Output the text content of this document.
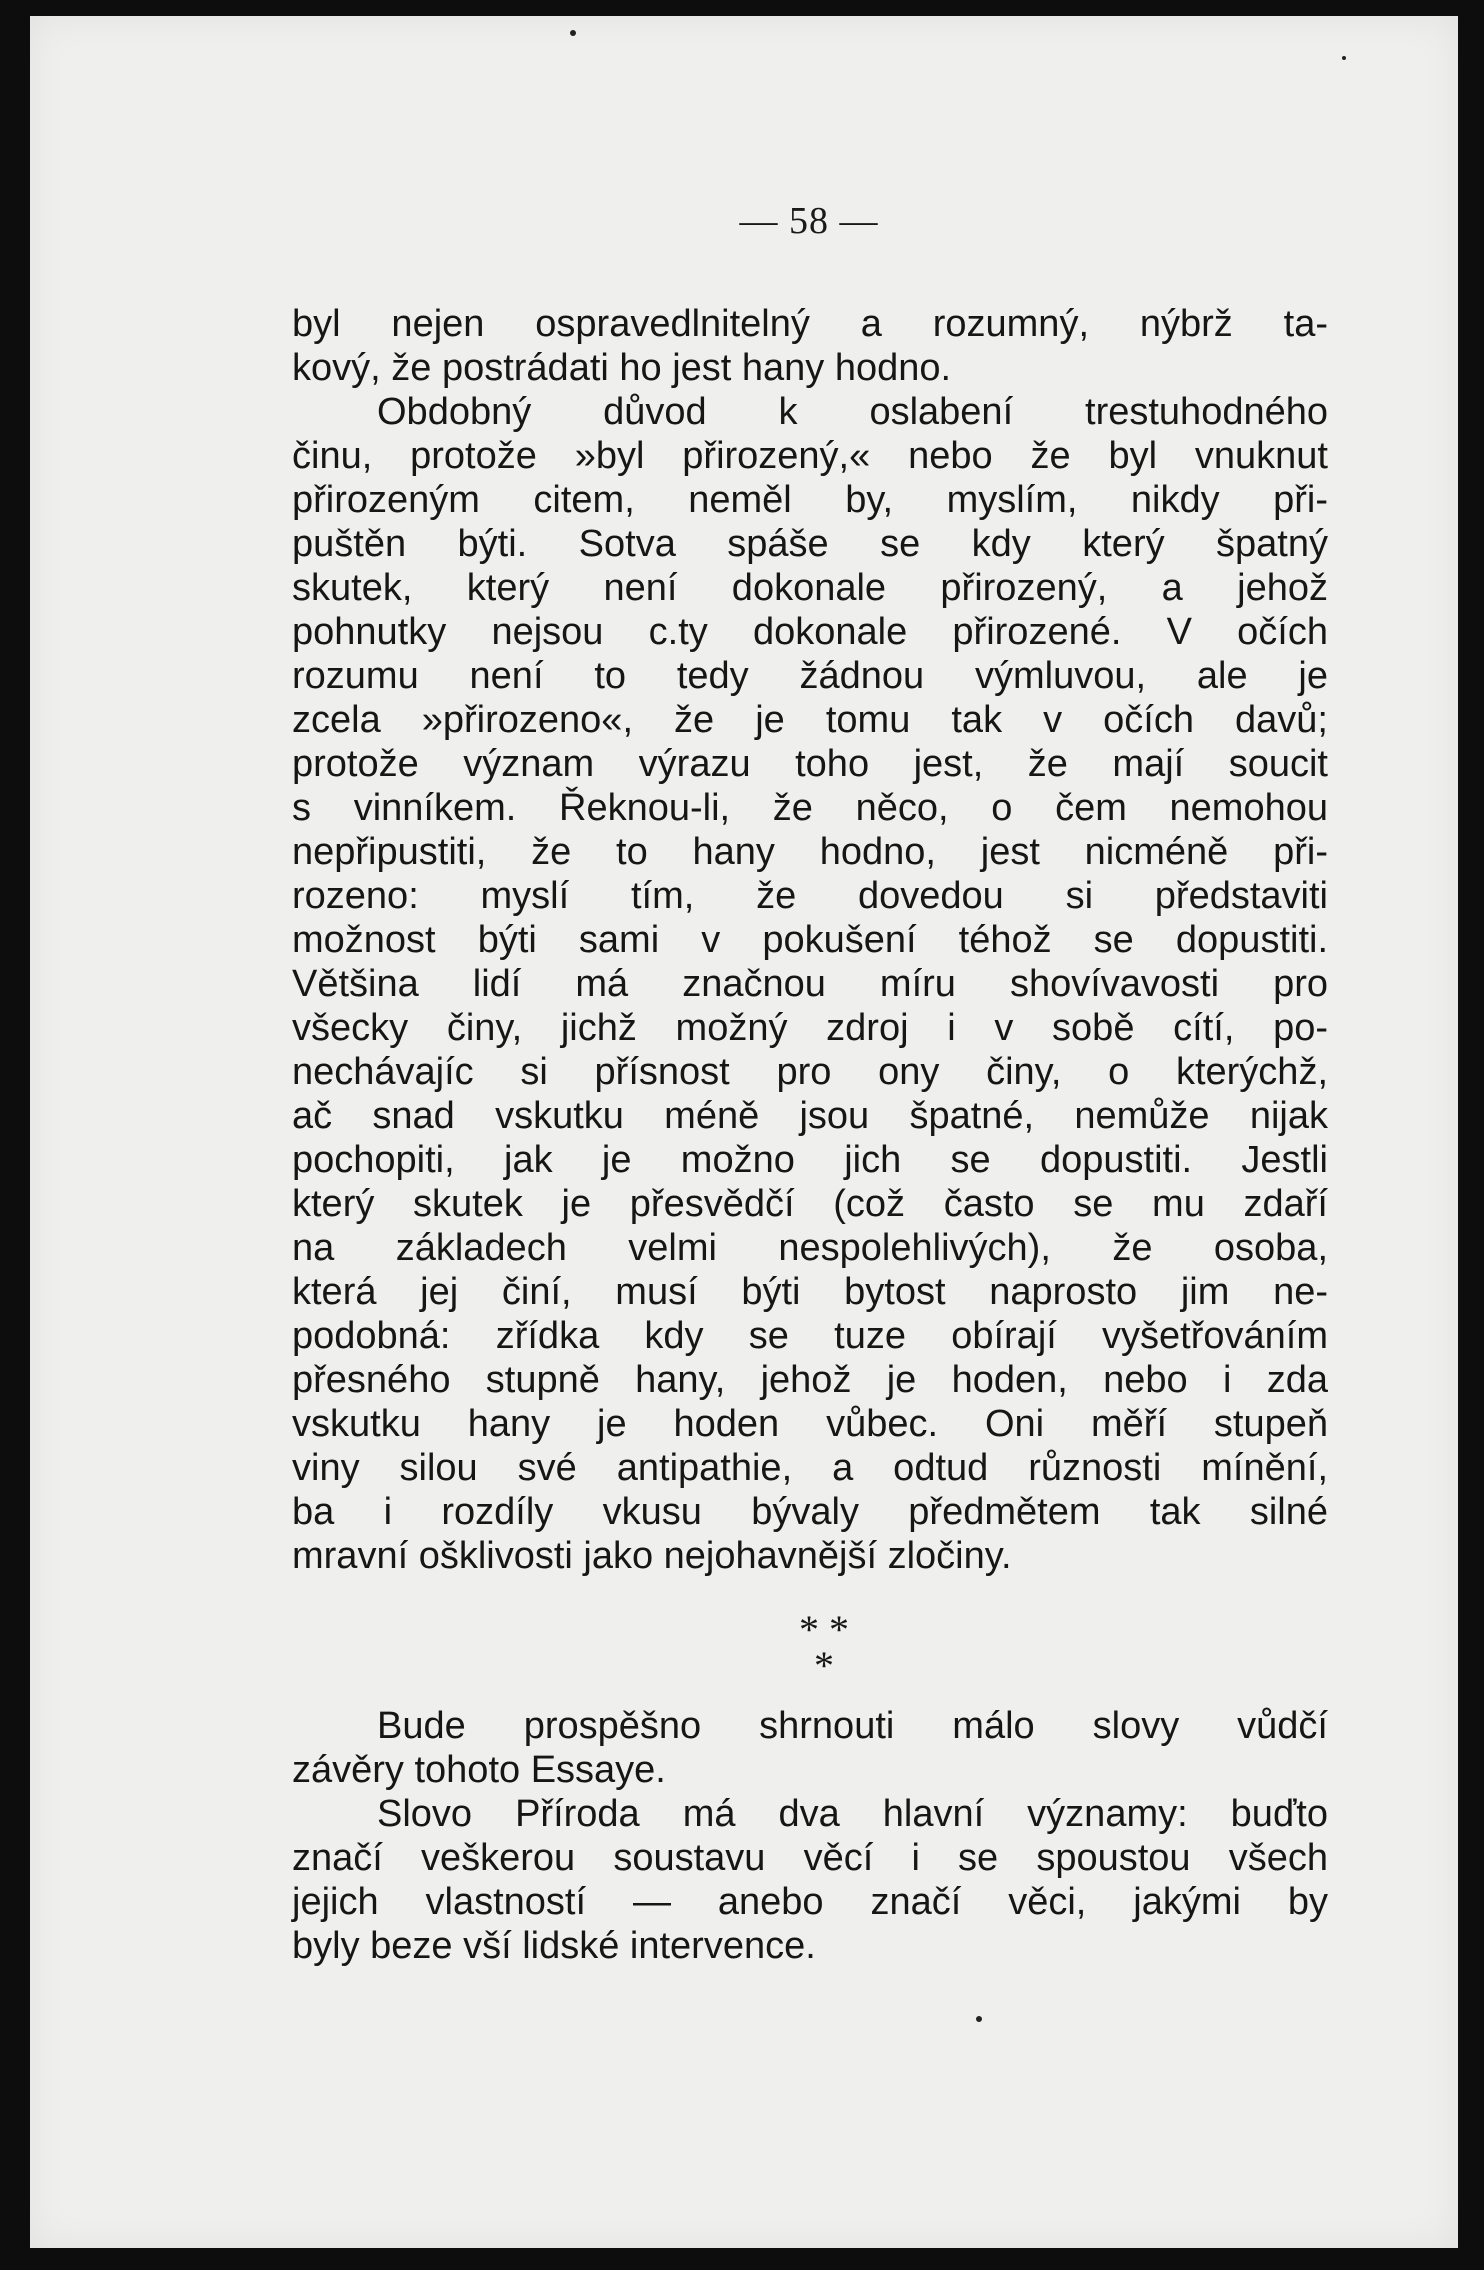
— 58 —
byl nejen ospravedlnitelný a rozumný, nýbrž ta-
kový, že postrádati ho jest hany hodno.
Obdobný důvod k oslabení trestuhodného
činu, protože »byl přirozený,« nebo že byl vnuknut
přirozeným citem, neměl by, myslím, nikdy při-
puštěn býti. Sotva spáše se kdy který špatný
skutek, který není dokonale přirozený, a jehož
pohnutky nejsou c.ty dokonale přirozené. V očích
rozumu není to tedy žádnou výmluvou, ale je
zcela »přirozeno«, že je tomu tak v očích davů;
protože význam výrazu toho jest, že mají soucit
s vinníkem. Řeknou-li, že něco, o čem nemohou
nepřipustiti, že to hany hodno, jest nicméně při-
rozeno: myslí tím, že dovedou si představiti
možnost býti sami v pokušení téhož se dopustiti.
Většina lidí má značnou míru shovívavosti pro
všecky činy, jichž možný zdroj i v sobě cítí, po-
nechávajíc si přísnost pro ony činy, o kterýchž,
ač snad vskutku méně jsou špatné, nemůže nijak
pochopiti, jak je možno jich se dopustiti. Jestli
který skutek je přesvědčí (což často se mu zdaří
na základech velmi nespolehlivých), že osoba,
která jej činí, musí býti bytost naprosto jim ne-
podobná: zřídka kdy se tuze obírají vyšetřováním
přesného stupně hany, jehož je hoden, nebo i zda
vskutku hany je hoden vůbec. Oni měří stupeň
viny silou své antipathie, a odtud různosti mínění,
ba i rozdíly vkusu bývaly předmětem tak silné
mravní ošklivosti jako nejohavnější zločiny.
* *
*
Bude prospěšno shrnouti málo slovy vůdčí
závěry tohoto Essaye.
Slovo Příroda má dva hlavní významy: buďto
značí veškerou soustavu věcí i se spoustou všech
jejich vlastností — anebo značí věci, jakými by
byly beze vší lidské intervence.
